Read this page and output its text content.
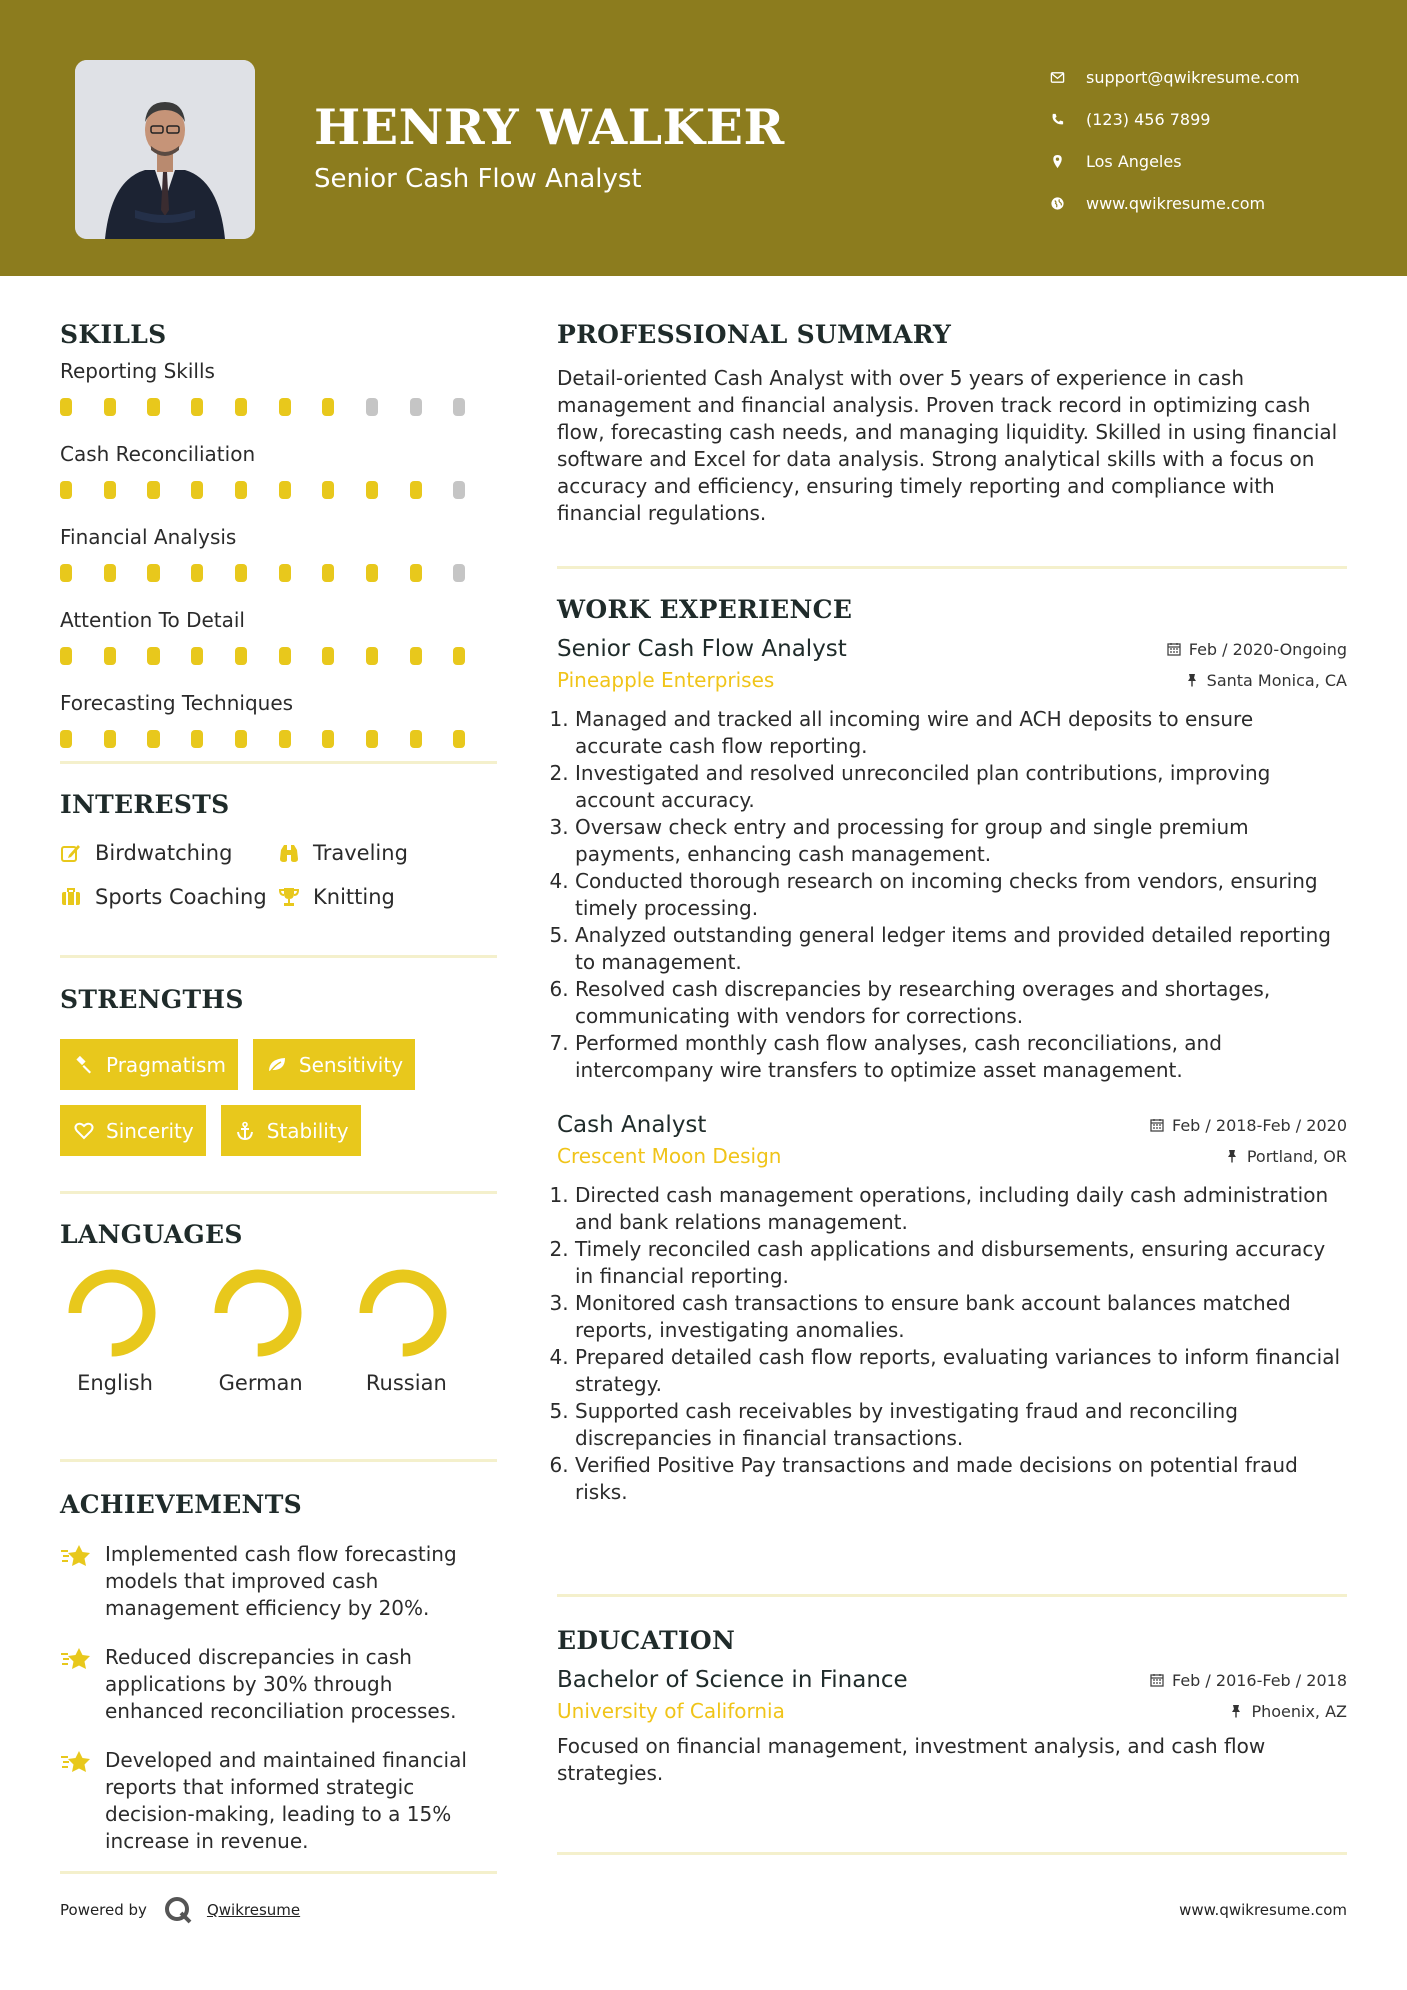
HENRY WALKER
Senior Cash Flow Analyst
support@qwikresume.com
(123) 456 7899
Los Angeles
www.qwikresume.com
SKILLS
Reporting Skills
Cash Reconciliation
Financial Analysis
Attention To Detail
Forecasting Techniques
INTERESTS
Birdwatching	Traveling
Sports Coaching Knitting
STRENGTHS
Pragmatism	Sensitivity
Sincerity	Stability
LANGUAGES
English	German	Russian
ACHIEVEMENTS
Implemented cash flow forecasting models that improved cash management efficiency by 20%.
Reduced discrepancies in cash applications by 30% through enhanced reconciliation processes.
Developed and maintained financial reports that informed strategic decision-making, leading to a 15% increase in revenue.
PROFESSIONAL SUMMARY
Detail-oriented Cash Analyst with over 5 years of experience in cash management and financial analysis. Proven track record in optimizing cash flow, forecasting cash needs, and managing liquidity. Skilled in using financial software and Excel for data analysis. Strong analytical skills with a focus on accuracy and efficiency, ensuring timely reporting and compliance with financial regulations.
WORK EXPERIENCE
Senior Cash Flow Analyst	Feb / 2020-Ongoing
Pineapple Enterprises	Santa Monica, CA
1. Managed and tracked all incoming wire and ACH deposits to ensure accurate cash flow reporting.
2. Investigated and resolved unreconciled plan contributions, improving account accuracy.
3. Oversaw check entry and processing for group and single premium payments, enhancing cash management.
4. Conducted thorough research on incoming checks from vendors, ensuring timely processing.
5. Analyzed outstanding general ledger items and provided detailed reporting to management.
6. Resolved cash discrepancies by researching overages and shortages, communicating with vendors for corrections.
7. Performed monthly cash flow analyses, cash reconciliations, and intercompany wire transfers to optimize asset management.
Cash Analyst	Feb / 2018-Feb / 2020
Crescent Moon Design	Portland, OR
1. Directed cash management operations, including daily cash administration and bank relations management.
2. Timely reconciled cash applications and disbursements, ensuring accuracy in financial reporting.
3. Monitored cash transactions to ensure bank account balances matched reports, investigating anomalies.
4. Prepared detailed cash flow reports, evaluating variances to inform financial strategy.
5. Supported cash receivables by investigating fraud and reconciling discrepancies in financial transactions.
6. Verified Positive Pay transactions and made decisions on potential fraud risks.
EDUCATION
Bachelor of Science in Finance	Feb / 2016-Feb / 2018
University of California	Phoenix, AZ
Focused on financial management, investment analysis, and cash flow strategies.
Powered by	Qwikresume	www.qwikresume.com
